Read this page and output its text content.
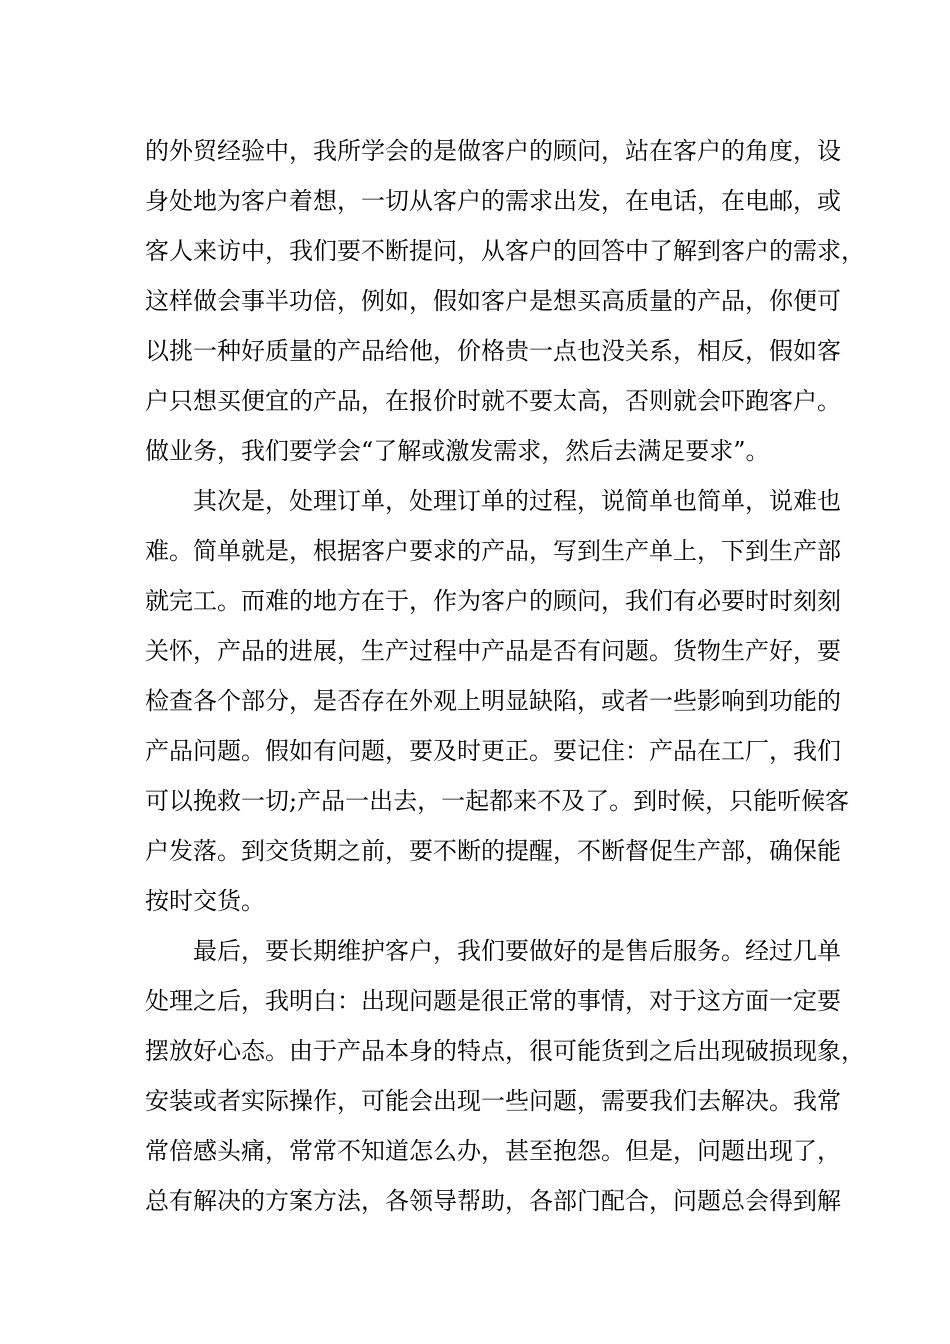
的外贸经验中，我所学会的是做客户的顾问，站在客户的角度，设
身处地为客户着想，一切从客户的需求出发，在电话，在电邮，或
客人来访中，我们要不断提问，从客户的回答中了解到客户的需求，
这样做会事半功倍，例如，假如客户是想买高质量的产品，你便可
以挑一种好质量的产品给他，价格贵一点也没关系，相反，假如客
户只想买便宜的产品，在报价时就不要太高，否则就会吓跑客户。
做业务，我们要学会“了解或激发需求，然后去满足要求”。
其次是，处理订单，处理订单的过程，说简单也简单，说难也
难。简单就是，根据客户要求的产品，写到生产单上，下到生产部
就完工。而难的地方在于，作为客户的顾问，我们有必要时时刻刻
关怀，产品的进展，生产过程中产品是否有问题。货物生产好，要
检查各个部分，是否存在外观上明显缺陷，或者一些影响到功能的
产品问题。假如有问题，要及时更正。要记住：产品在工厂，我们
可以挽救一切;产品一出去，一起都来不及了。到时候，只能听候客
户发落。到交货期之前，要不断的提醒，不断督促生产部，确保能
按时交货。
最后，要长期维护客户，我们要做好的是售后服务。经过几单
处理之后，我明白：出现问题是很正常的事情，对于这方面一定要
摆放好心态。由于产品本身的特点，很可能货到之后出现破损现象，
安装或者实际操作，可能会出现一些问题，需要我们去解决。我常
常倍感头痛，常常不知道怎么办，甚至抱怨。但是，问题出现了，
总有解决的方案方法，各领导帮助，各部门配合，问题总会得到解
